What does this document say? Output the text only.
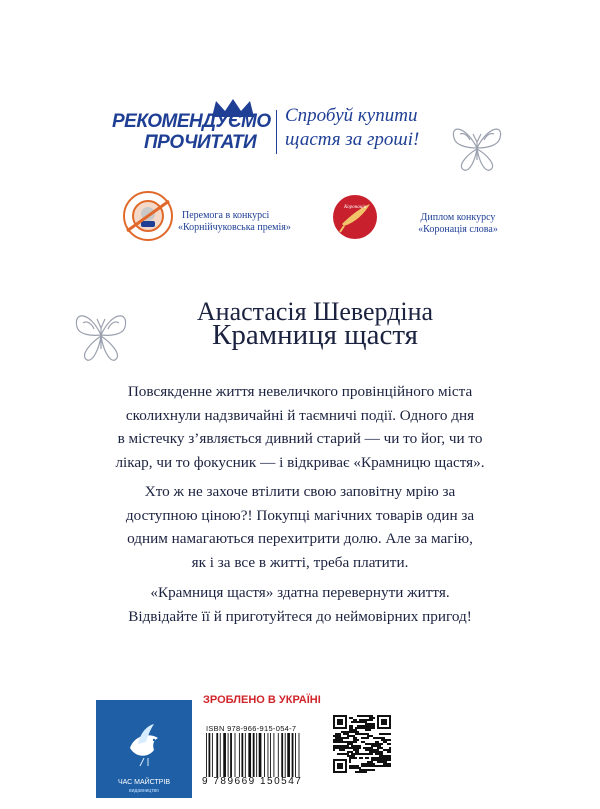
РЕКОМЕНДУЄМО
ПРОЧИТАТИ
Спробуй купити
щастя за гроші!
Перемога в конкурсі
«Корнійчуковська премія»
Коронація
Диплом конкурсу
«Коронація слова»
Анастасія Шевердіна
Крамниця щастя
Повсякденне життя невеличкого провінційного міста
сколихнули надзвичайні й таємничі події. Одного дня
в містечку з’являється дивний старий — чи то йог, чи то
лікар, чи то фокусник — і відкриває «Крамницю щастя».
Хто ж не захоче втілити свою заповітну мрію за
доступною ціною?! Покупці магічних товарів один за
одним намагаються перехитрити долю. Але за магію,
як і за все в житті, треба платити.
«Крамниця щастя» здатна перевернути життя.
Відвідайте її й приготуйтеся до неймовірних пригод!
ЧАС МАЙСТРІВ
видавництво
ЗРОБЛЕНО В УКРАЇНІ
ISBN 978-966-915-054-7
9 789669 150547
